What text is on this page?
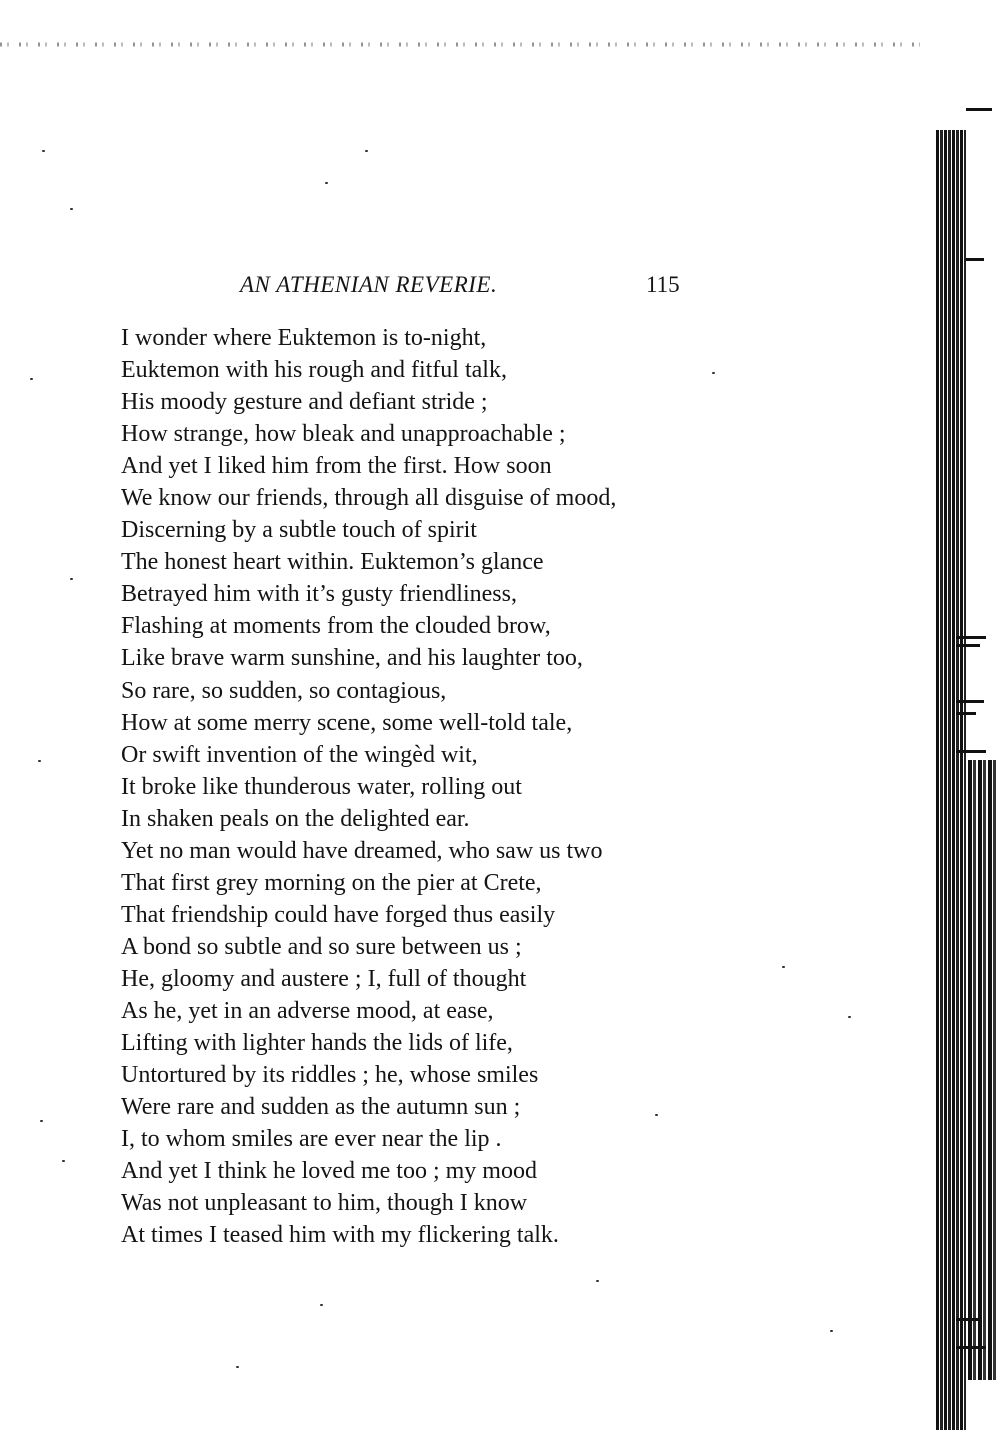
AN ATHENIAN REVERIE.	115
I wonder where Euktemon is to-night,
Euktemon with his rough and fitful talk,
His moody gesture and defiant stride ;
How strange, how bleak and unapproachable ;
And yet I liked him from the first. How soon
We know our friends, through all disguise of mood,
Discerning by a subtle touch of spirit
The honest heart within. Euktemon’s glance
Betrayed him with it’s gusty friendliness,
Flashing at moments from the clouded brow,
Like brave warm sunshine, and his laughter too,
So rare, so sudden, so contagious,
How at some merry scene, some well-told tale,
Or swift invention of the wingèd wit,
It broke like thunderous water, rolling out
In shaken peals on the delighted ear.
Yet no man would have dreamed, who saw us two
That first grey morning on the pier at Crete,
That friendship could have forged thus easily
A bond so subtle and so sure between us ;
He, gloomy and austere ; I, full of thought
As he, yet in an adverse mood, at ease,
Lifting with lighter hands the lids of life,
Untortured by its riddles ; he, whose smiles
Were rare and sudden as the autumn sun ;
I, to whom smiles are ever near the lip .
And yet I think he loved me too ; my mood
Was not unpleasant to him, though I know
At times I teased him with my flickering talk.
